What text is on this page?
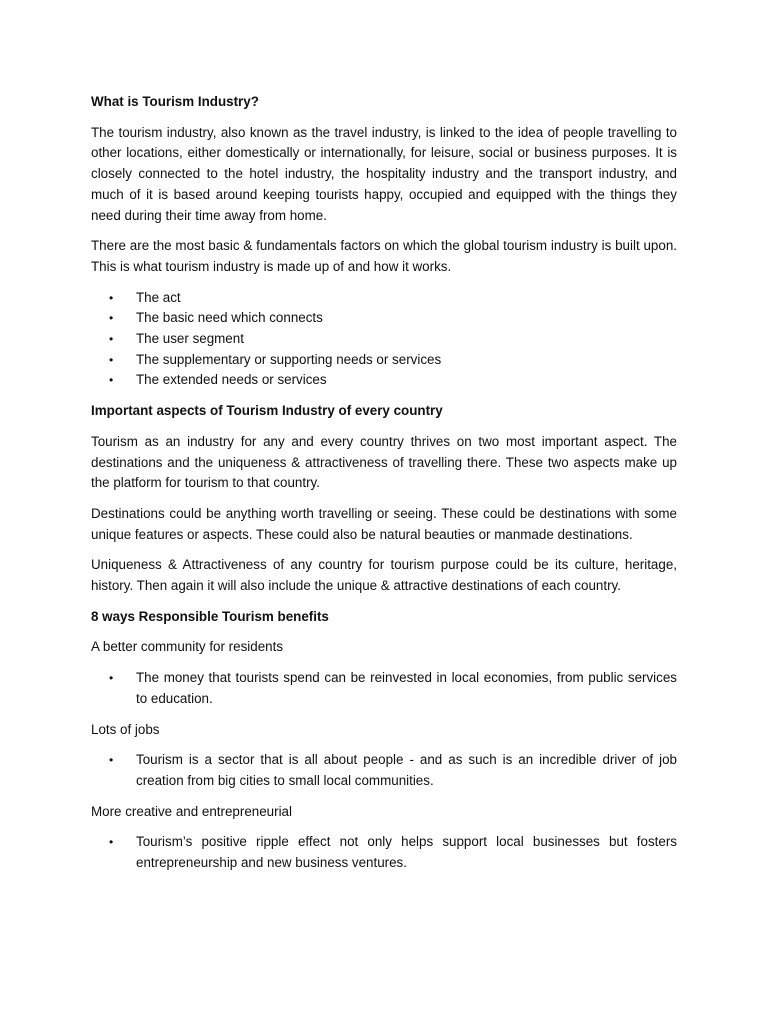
What is Tourism Industry?

The tourism industry, also known as the travel industry, is linked to the idea of people travelling to other locations, either domestically or internationally, for leisure, social or business purposes. It is closely connected to the hotel industry, the hospitality industry and the transport industry, and much of it is based around keeping tourists happy, occupied and equipped with the things they need during their time away from home.

There are the most basic & fundamentals factors on which the global tourism industry is built upon. This is what tourism industry is made up of and how it works.

• The act
• The basic need which connects
• The user segment
• The supplementary or supporting needs or services
• The extended needs or services
Important aspects of Tourism Industry of every country

Tourism as an industry for any and every country thrives on two most important aspect. The destinations and the uniqueness & attractiveness of travelling there. These two aspects make up the platform for tourism to that country.

Destinations could be anything worth travelling or seeing. These could be destinations with some unique features or aspects. These could also be natural beauties or manmade destinations.

Uniqueness & Attractiveness of any country for tourism purpose could be its culture, heritage, history. Then again it will also include the unique & attractive destinations of each country.

8 ways Responsible Tourism benefits

A better community for residents

• The money that tourists spend can be reinvested in local economies, from public services to education.

Lots of jobs

• Tourism is a sector that is all about people - and as such is an incredible driver of job creation from big cities to small local communities.

More creative and entrepreneurial

• Tourism’s positive ripple effect not only helps support local businesses but fosters entrepreneurship and new business ventures.
